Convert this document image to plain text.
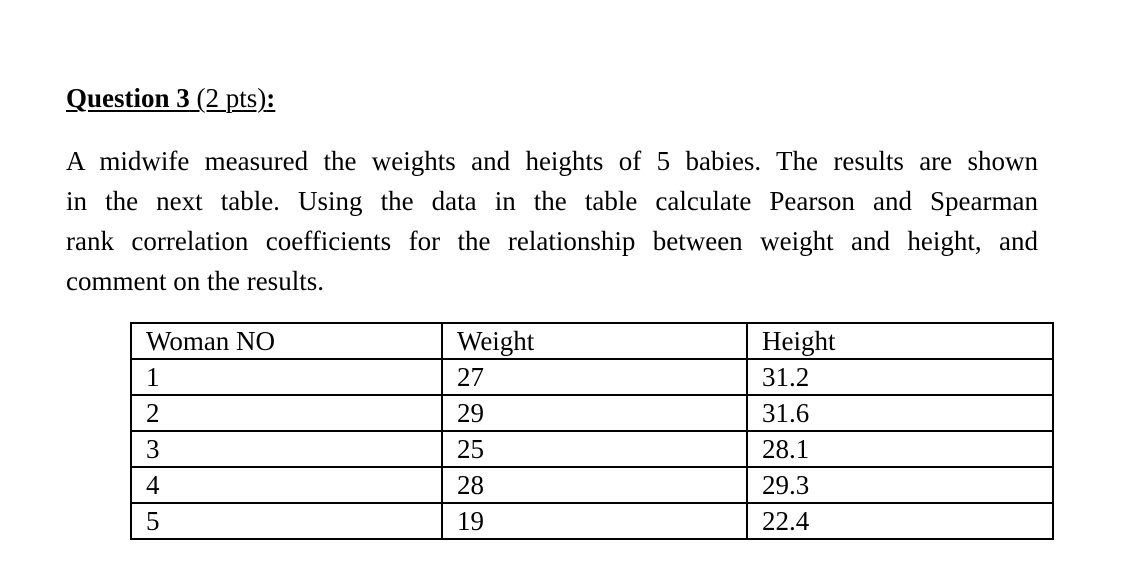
Question 3 (2 pts):
A midwife measured the weights and heights of 5 babies. The results are shown
in the next table. Using the data in the table calculate Pearson and Spearman
rank correlation coefficients for the relationship between weight and height, and
comment on the results.
Woman NO	Weight	Height
1	27	31.2
2	29	31.6
3	25	28.1
4	28	29.3
5	19	22.4
